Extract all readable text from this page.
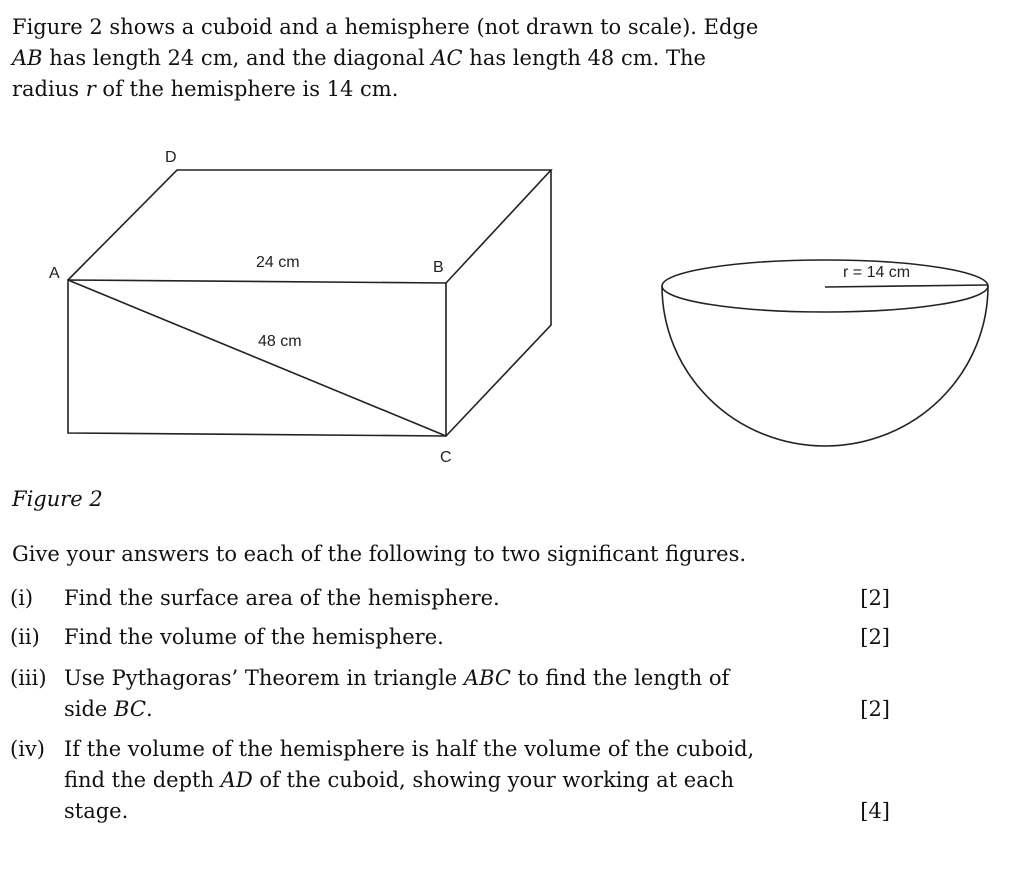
Figure 2 shows a cuboid and a hemisphere (not drawn to scale). Edge

AB has length 24 cm, and the diagonal AC has length 48 cm. The

radius r of the hemisphere is 14 cm.

A	B
C
D
24 cm
48 cm
r = 14 cm
Figure 2
Give your answers to each of the following to two significant figures.
(i) Find the surface area of the hemisphere.	[2]
(ii) Find the volume of the hemisphere.	[2]
(iii) Use Pythagoras’ Theorem in triangle ABC to find the length of
side BC.	[2]
(iv) If the volume of the hemisphere is half the volume of the cuboid,
find the depth AD of the cuboid, showing your working at each
stage.	[4]
